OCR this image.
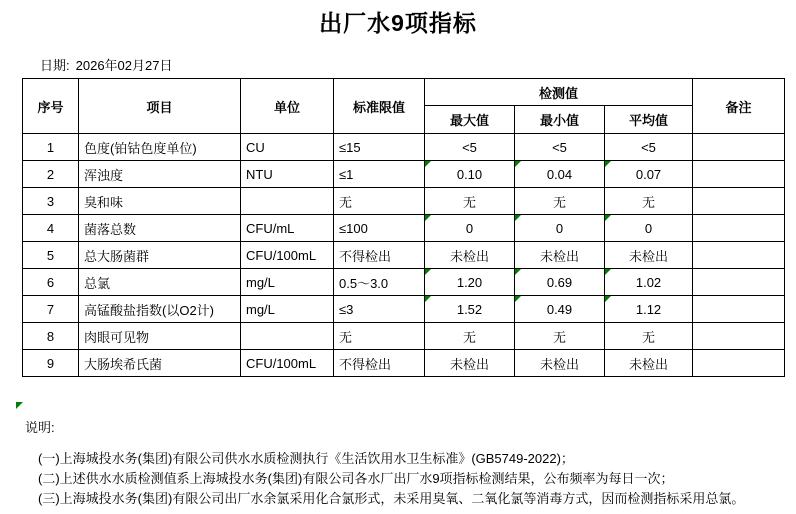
出厂水9项指标
日期: 2026年02月27日
序号	项目	单位	标准限值	检测值			备注
				最大值	最小值	平均值	
1	色度(铂钴色度单位)	CU	≤15	<5	<5	<5	
2	浑浊度	NTU	≤1	0.10	0.04	0.07	
3	臭和味		无	无	无	无	
4	菌落总数	CFU/mL	≤100	0	0	0	
5	总大肠菌群	CFU/100mL	不得检出	未检出	未检出	未检出	
6	总氯	mg/L	0.5～3.0	1.20	0.69	1.02	
7	高锰酸盐指数(以O2计)	mg/L	≤3	1.52	0.49	1.12	
8	肉眼可见物		无	无	无	无	
9	大肠埃希氏菌	CFU/100mL	不得检出	未检出	未检出	未检出	
说明:
(一)上海城投水务(集团)有限公司供水水质检测执行《生活饮用水卫生标准》(GB5749-2022)；
(二)上述供水水质检测值系上海城投水务(集团)有限公司各水厂出厂水9项指标检测结果，公布频率为每日一次；
(三)上海城投水务(集团)有限公司出厂水余氯采用化合氯形式，未采用臭氧、二氧化氯等消毒方式，因而检测指标采用总氯。
